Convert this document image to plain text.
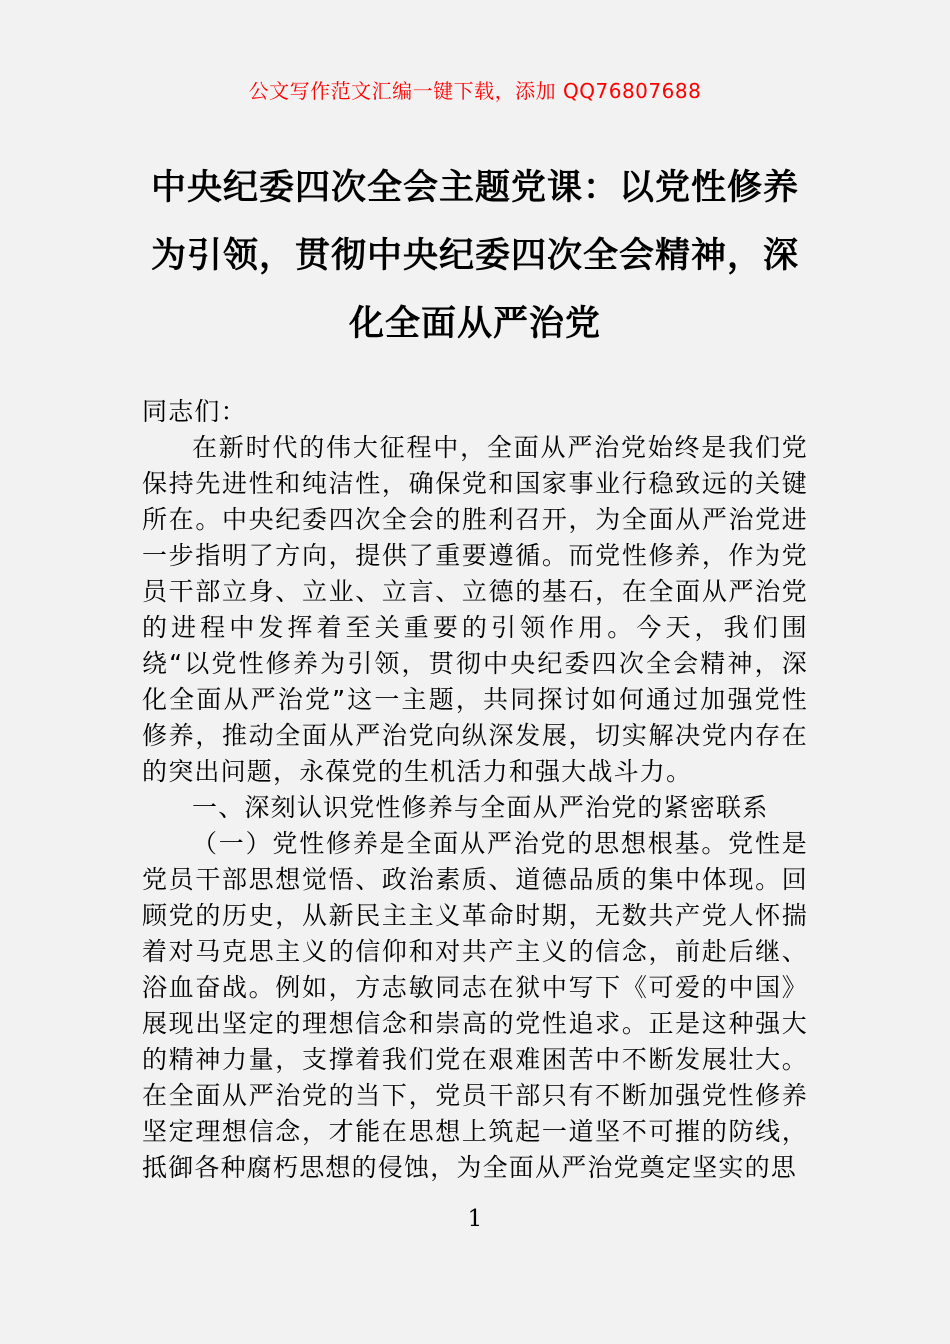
公文写作范文汇编一键下载，添加 QQ76807688
中央纪委四次全会主题党课：以党性修养
为引领，贯彻中央纪委四次全会精神，深
化全面从严治党

同志们：

在新时代的伟大征程中，全面从严治党始终是我们党保持先进性和纯洁性，确保党和国家事业行稳致远的关键所在。中央纪委四次全会的胜利召开，为全面从严治党进一步指明了方向，提供了重要遵循。而党性修养，作为党员干部立身、立业、立言、立德的基石，在全面从严治党的进程中发挥着至关重要的引领作用。今天，我们围绕“以党性修养为引领，贯彻中央纪委四次全会精神，深化全面从严治党”这一主题，共同探讨如何通过加强党性修养，推动全面从严治党向纵深发展，切实解决党内存在的突出问题，永葆党的生机活力和强大战斗力。

一、深刻认识党性修养与全面从严治党的紧密联系

（一）党性修养是全面从严治党的思想根基。党性是党员干部思想觉悟、政治素质、道德品质的集中体现。回顾党的历史，从新民主主义革命时期，无数共产党人怀揣着对马克思主义的信仰和对共产主义的信念，前赴后继、浴血奋战。例如，方志敏同志在狱中写下《可爱的中国》展现出坚定的理想信念和崇高的党性追求。正是这种强大的精神力量，支撑着我们党在艰难困苦中不断发展壮大。在全面从严治党的当下，党员干部只有不断加强党性修养坚定理想信念，才能在思想上筑起一道坚不可摧的防线，抵御各种腐朽思想的侵蚀，为全面从严治党奠定坚实的思

1
